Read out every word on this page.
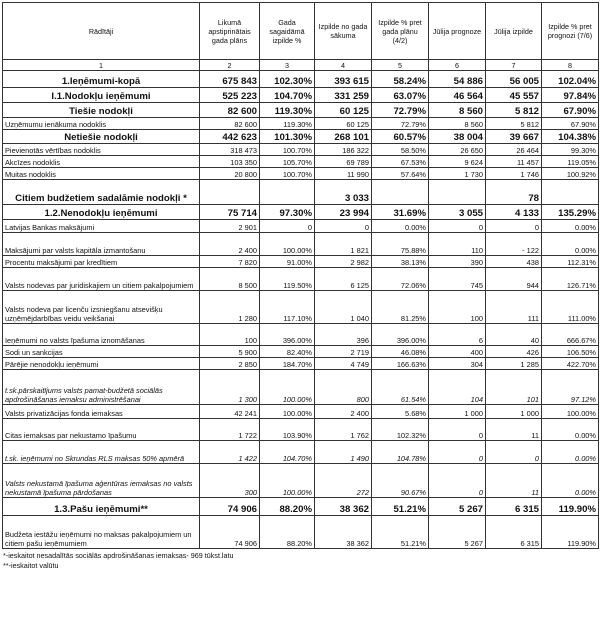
Rādītāji	Likumā apstiprinātais gada plāns	Gada sagaidāmā izpilde %	Izpilde no gada sākuma	Izpilde % pret gada plānu (4/2)	Jūlija prognoze	Jūlija izpilde	Izpilde % pret prognozi (7/6)
1	2	3	4	5	6	7	8
1.Ieņēmumi-kopā	675 843	102.30%	393 615	58.24%	54 886	56 005	102.04%
I.1.Nodokļu ieņēmumi	525 223	104.70%	331 259	63.07%	46 564	45 557	97.84%
Tiešie nodokļi	82 600	119.30%	60 125	72.79%	8 560	5 812	67.90%
Uzņēmumu ienākuma nodoklis	82 600	119.30%	60 125	72.79%	8 560	5 812	67.90%
Netiešie nodokļi	442 623	101.30%	268 101	60.57%	38 004	39 667	104.38%
Pievienotās vērtības nodoklis	318 473	100.70%	186 322	58.50%	26 650	26 464	99.30%
Akcīzes nodoklis	103 350	105.70%	69 789	67.53%	9 624	11 457	119.05%
Muitas nodoklis	20 800	100.70%	11 990	57.64%	1 730	1 746	100.92%
Citiem budžetiem sadalāmie nodokļi *			3 033			78	
1.2.Nenodokļu ieņēmumi	75 714	97.30%	23 994	31.69%	3 055	4 133	135.29%
Latvijas Bankas maksājumi	2 901	0	0	0.00%	0	0	0.00%
Maksājumi par valsts kapitāla izmantošanu	2 400	100.00%	1 821	75.88%	110	- 122	0.00%
Procentu maksājumi par kredītiem	7 820	91.00%	2 982	38.13%	390	438	112.31%
Valsts nodevas par juridiskajiem un citiem pakalpojumiem	8 500	119.50%	6 125	72.06%	745	944	126.71%
Valsts nodeva par licenču izsniegšanu atsevišķu uzņēmējdarbības veidu veikšanai	1 280	117.10%	1 040	81.25%	100	111	111.00%
Ieņēmumi no valsts īpašuma iznomāšanas	100	396.00%	396	396.00%	6	40	666.67%
Sodi un sankcijas	5 900	82.40%	2 719	46.08%	400	426	106.50%
Pārējie nenodokļu ieņēmumi	2 850	184.70%	4 749	166.63%	304	1 285	422.70%
t.sk.pārskaitījums valsts pamat-budžetā sociālās apdrošināšanas iemaksu administrēšanai	1 300	100.00%	800	61.54%	104	101	97.12%
Valsts privatizācijas fonda iemaksas	42 241	100.00%	2 400	5.68%	1 000	1 000	100.00%
Citas iemaksas par nekustamo īpašumu	1 722	103.90%	1 762	102.32%	0	11	0.00%
t.sk. ieņēmumi no Skrundas RLS maksas 50% apmērā	1 422	104.70%	1 490	104.78%	0	0	0.00%
Valsts nekustamā īpašuma aģentūras iemaksas no valsts nekustamā īpašuma pārdošanas	300	100.00%	272	90.67%	0	11	0.00%
1.3.Pašu ieņēmumi**	74 906	88.20%	38 362	51.21%	5 267	6 315	119.90%
Budžeta iestāžu ieņēmumi no maksas pakalpojumiem un citiem pašu ieņēmumiem	74 906	88.20%	38 362	51.21%	5 267	6 315	119.90%
*-ieskaitot nesadalītās sociālās apdrošināšanas iemaksas- 969 tūkst.latu
**-ieskaitot valūtu
